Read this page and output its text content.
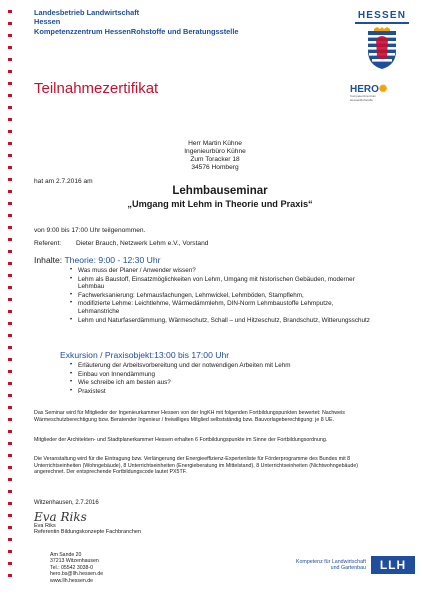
Landesbetrieb Landwirtschaft
Hessen
Kompetenzzentrum HessenRohstoffe und Beratungsstelle
HESSEN
HERO✺
Kompetenzzentrum
HessenRohstoffe
Teilnahmezertifikat
Herr Martin Kühne
Ingenieurbüro Kühne
Zum Toracker 18
34576 Homberg
hat am 2.7.2016 am
Lehmbauseminar
„Umgang mit Lehm in Theorie und Praxis“
von 9:00 bis 17:00 Uhr teilgenommen.
Referent: Dieter Brauch, Netzwerk Lehm e.V., Vorstand
Inhalte: Theorie: 9:00 - 12:30 Uhr
• Was muss der Planer / Anwender wissen?
• Lehm als Baustoff, Einsatzmöglichkeiten von Lehm, Umgang mit historischen Gebäuden, moderner Lehmbau
• Fachwerksanierung: Lehmausfachungen, Lehmwickel, Lehmböden, Stampflehm,
• modifizierte Lehme: Leichtlehme, Wärmedämmlehm, DIN-Norm Lehmbaustoffe Lehmputze, Lehmanstriche
• Lehm und Naturfaserdämmung, Wärmeschutz, Schall – und Hitzeschutz, Brandschutz, Witterungsschutz
Exkursion / Praxisobjekt:13:00 bis 17:00 Uhr
• Erläuterung der Arbeitsvorbereitung und der notwendigen Arbeiten mit Lehm
• Einbau von Innendämmung
• Wie schreibe ich am besten aus?
• Praxistest
Das Seminar wird für Mitglieder der Ingenieurkammer Hessen von der IngKH mit folgenden Fortbildungspunkten bewertet: Nachweis Wärmeschutzberechtigung bzw. Beratender Ingenieur / freiwilliges Mitglied selbstständig bzw. Bauvorlageberechtigung: je 8 UE.
Mitglieder der Architekten- und Stadtplanerkammer Hessen erhalten 6 Fortbildungspunkte im Sinne der Fortbildungsordnung.
Die Veranstaltung wird für die Eintragung bzw. Verlängerung der Energieeffizienz-Expertenliste für Förderprogramme des Bundes mit 8 Unterrichtseinheiten (Wohngebäude), 8 Unterrichtseinheiten (Energieberatung im Mittelstand), 8 Unterrichtseinheiten (Nichtwohngebäude) angerechnet. Der entsprechende Fortbildungscode lautet PX5TF.
Witzenhausen, 2.7.2016
Eva Riks
Eva Riks
Referentin Bildungskonzepte Fachbranchen
Am Sande 20
37213 Witzenhausen
Tel.: 05542 3038-0
hero.bs@llh.hessen.de
www.llh.hessen.de
Kompetenz für Landwirtschaft
und Gartenbau	LLH
